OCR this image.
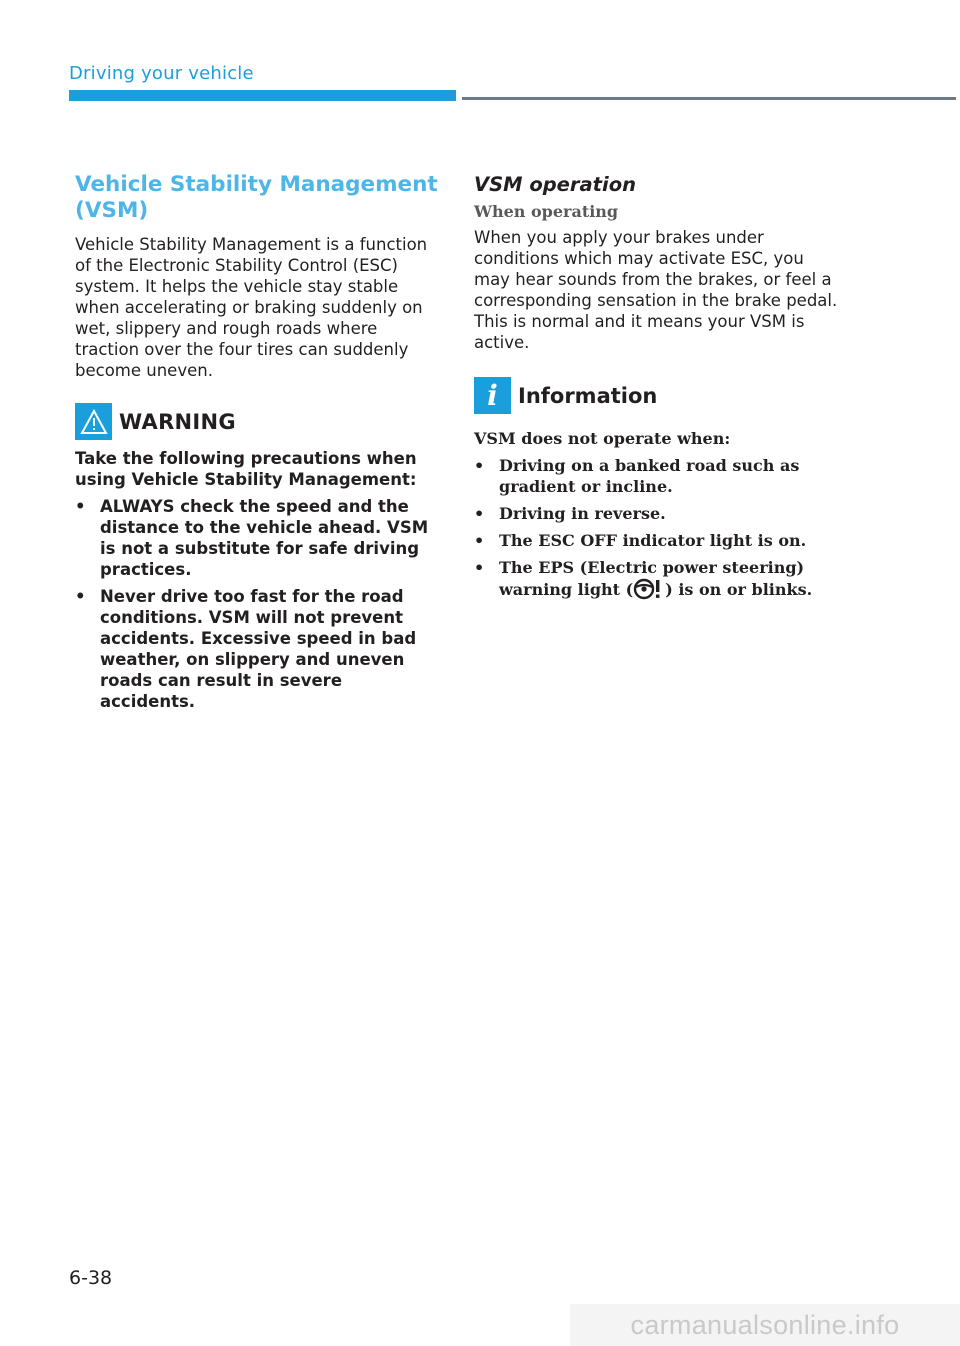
Driving your vehicle
Vehicle Stability Management (VSM)

Vehicle Stability Management is a function of the Electronic Stability Control (ESC) system. It helps the vehicle stay stable when accelerating or braking suddenly on wet, slippery and rough roads where traction over the four tires can suddenly become uneven.

WARNING

Take the following precautions when using Vehicle Stability Management:

• ALWAYS check the speed and the distance to the vehicle ahead. VSM is not a substitute for safe driving practices.
• Never drive too fast for the road conditions. VSM will not prevent accidents. Excessive speed in bad weather, on slippery and uneven roads can result in severe accidents.
VSM operation

When operating

When you apply your brakes under conditions which may activate ESC, you may hear sounds from the brakes, or feel a corresponding sensation in the brake pedal. This is normal and it means your VSM is active.

i Information

VSM does not operate when:

• Driving on a banked road such as gradient or incline.
• Driving in reverse.
• The ESC OFF indicator light is on.
• The EPS (Electric power steering) warning light ( ) is on or blinks.
6-38
carmanualsonline.info
